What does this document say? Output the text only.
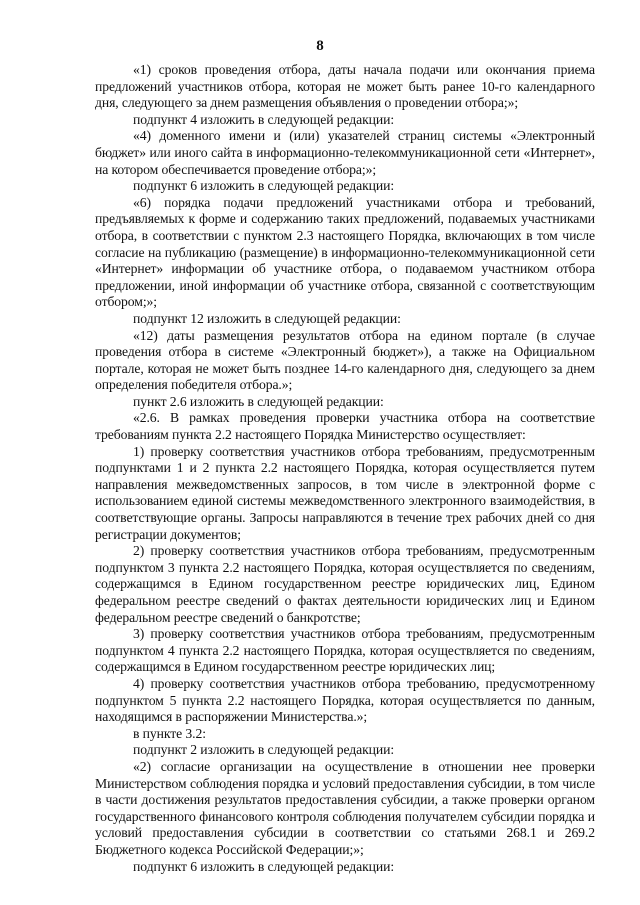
8

«1) сроков проведения отбора, даты начала подачи или окончания приема предложений участников отбора, которая не может быть ранее 10-го календарного дня, следующего за днем размещения объявления о проведении отбора;»;

подпункт 4 изложить в следующей редакции:

«4) доменного имени и (или) указателей страниц системы «Электронный бюджет» или иного сайта в информационно-телекоммуникационной сети «Интернет», на котором обеспечивается проведение отбора;»;

подпункт 6 изложить в следующей редакции:

«6) порядка подачи предложений участниками отбора и требований, предъявляемых к форме и содержанию таких предложений, подаваемых участниками отбора, в соответствии с пунктом 2.3 настоящего Порядка, включающих в том числе согласие на публикацию (размещение) в информационно-телекоммуникационной сети «Интернет» информации об участнике отбора, о подаваемом участником отбора предложении, иной информации об участнике отбора, связанной с соответствующим отбором;»;

подпункт 12 изложить в следующей редакции:

«12) даты размещения результатов отбора на едином портале (в случае проведения отбора в системе «Электронный бюджет»), а также на Официальном портале, которая не может быть позднее 14-го календарного дня, следующего за днем определения победителя отбора.»;

пункт 2.6 изложить в следующей редакции:

«2.6. В рамках проведения проверки участника отбора на соответствие требованиям пункта 2.2 настоящего Порядка Министерство осуществляет:

1) проверку соответствия участников отбора требованиям, предусмотренным подпунктами 1 и 2 пункта 2.2 настоящего Порядка, которая осуществляется путем направления межведомственных запросов, в том числе в электронной форме с использованием единой системы межведомственного электронного взаимодействия, в соответствующие органы. Запросы направляются в течение трех рабочих дней со дня регистрации документов;

2) проверку соответствия участников отбора требованиям, предусмотренным подпунктом 3 пункта 2.2 настоящего Порядка, которая осуществляется по сведениям, содержащимся в Едином государственном реестре юридических лиц, Едином федеральном реестре сведений о фактах деятельности юридических лиц и Едином федеральном реестре сведений о банкротстве;

3) проверку соответствия участников отбора требованиям, предусмотренным подпунктом 4 пункта 2.2 настоящего Порядка, которая осуществляется по сведениям, содержащимся в Едином государственном реестре юридических лиц;

4) проверку соответствия участников отбора требованию, предусмотренному подпунктом 5 пункта 2.2 настоящего Порядка, которая осуществляется по данным, находящимся в распоряжении Министерства.»;

в пункте 3.2:

подпункт 2 изложить в следующей редакции:

«2) согласие организации на осуществление в отношении нее проверки Министерством соблюдения порядка и условий предоставления субсидии, в том числе в части достижения результатов предоставления субсидии, а также проверки органом государственного финансового контроля соблюдения получателем субсидии порядка и условий предоставления субсидии в соответствии со статьями 268.1 и 269.2 Бюджетного кодекса Российской Федерации;»;

подпункт 6 изложить в следующей редакции:
